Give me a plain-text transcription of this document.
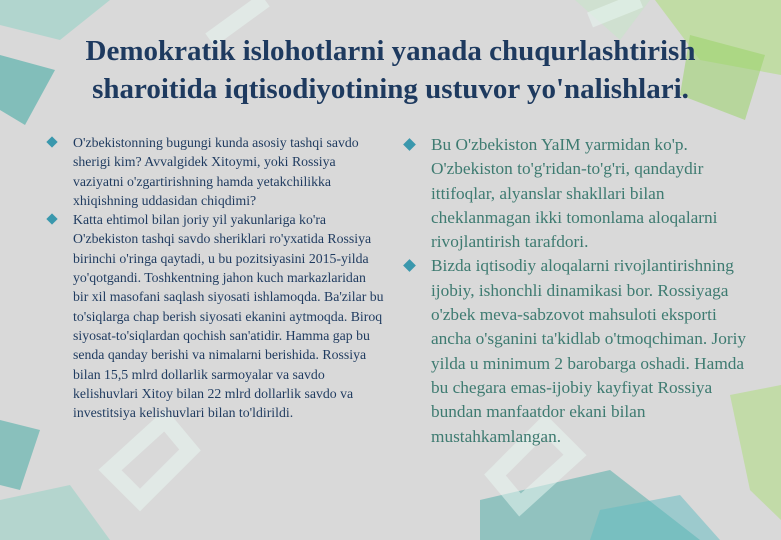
Demokratik islohotlarni yanada chuqurlashtirish
sharoitida iqtisodiyotining ustuvor yo'nalishlari.
O'zbekistonning bugungi kunda asosiy tashqi savdo sherigi kim? Avvalgidek Xitoymi, yoki Rossiya vaziyatni o'zgartirishning hamda yetakchilikka xhiqishning uddasidan chiqdimi?
Katta ehtimol bilan joriy yil yakunlariga ko'ra O'zbekiston tashqi savdo sheriklari ro'yxatida Rossiya birinchi o'ringa qaytadi, u bu pozitsiyasini 2015-yilda yo'qotgandi. Toshkentning jahon kuch markazlaridan bir xil masofani saqlash siyosati ishlamoqda. Ba'zilar bu to'siqlarga chap berish siyosati ekanini aytmoqda. Biroq siyosat-to'siqlardan qochish san'atidir. Hamma gap bu senda qanday berishi va nimalarni berishida. Rossiya bilan 15,5 mlrd dollarlik sarmoyalar va savdo kelishuvlari Xitoy bilan 22 mlrd dollarlik savdo va investitsiya kelishuvlari bilan to'ldirildi.
Bu O'zbekiston YaIM yarmidan ko'p. O'zbekiston to'g'ridan-to'g'ri, qandaydir ittifoqlar, alyanslar shakllari bilan cheklanmagan ikki tomonlama aloqalarni rivojlantirish tarafdori.
Bizda iqtisodiy aloqalarni rivojlantirishning ijobiy, ishonchli dinamikasi bor. Rossiyaga o'zbek meva-sabzovot mahsuloti eksporti ancha o'sganini ta'kidlab o'tmoqchiman. Joriy yilda u minimum 2 barobarga oshadi. Hamda bu chegara emas-ijobiy kayfiyat Rossiya bundan manfaatdor ekani bilan mustahkamlangan.
